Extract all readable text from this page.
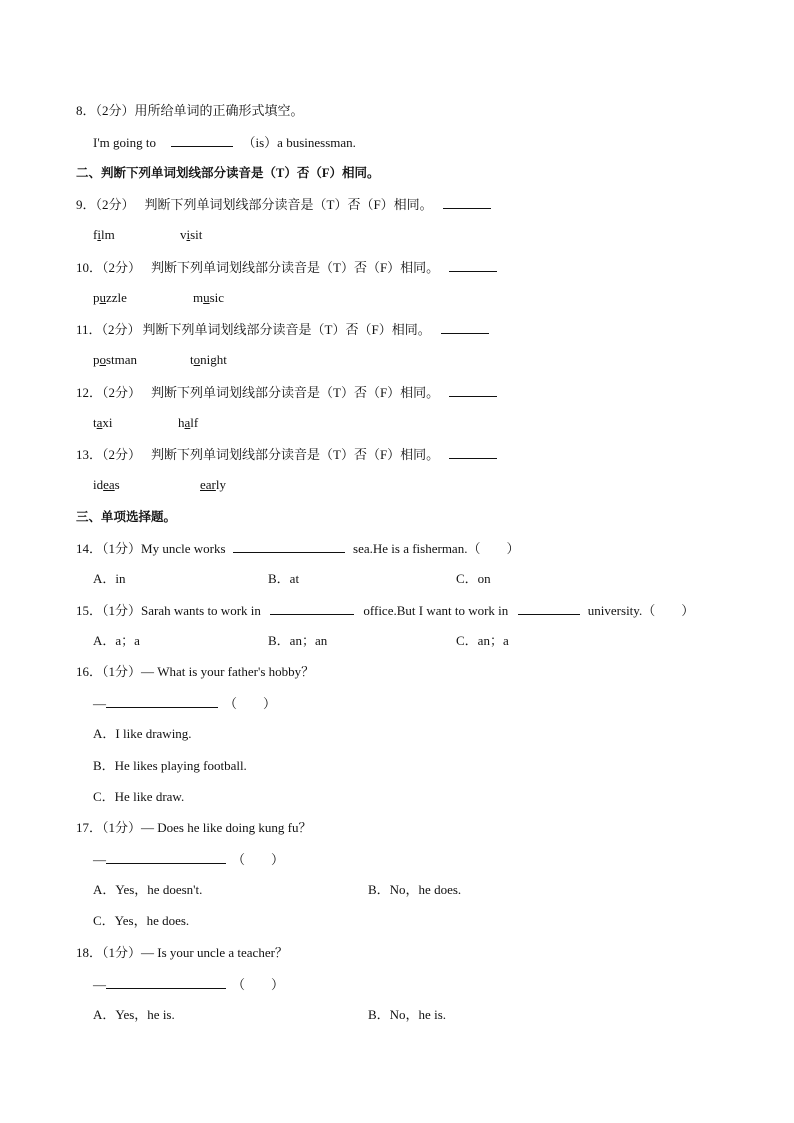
8．（2分）用所给单词的正确形式填空。
I'm going to	（is）a businessman.
二、判断下列单词划线部分读音是（T）否（F）相同。
9．（2分） 判断下列单词划线部分读音是（T）否（F）相同。
film	visit
10．（2分） 判断下列单词划线部分读音是（T）否（F）相同。
puzzle	music
11．（2分） 判断下列单词划线部分读音是（T）否（F）相同。
postman	tonight
12．（2分） 判断下列单词划线部分读音是（T）否（F）相同。
taxi	half
13．（2分） 判断下列单词划线部分读音是（T）否（F）相同。
ideas	early
三、单项选择题。
14．（1分）My uncle works	sea.He is a fisherman.（　　）
A．in	B．at	C．on
15．（1分）Sarah wants to work in	office.But I want to work in	university.（　　）
A．a；a	B．an；an	C．an；a
16．（1分）— What is your father's hobby？
—	（　　）
A．I like drawing.
B．He likes playing football.
C．He like draw.
17．（1分）— Does he like doing kung fu？
—	（　　）
A．Yes，he doesn't.	B．No，he does.
C．Yes，he does.
18．（1分）— Is your uncle a teacher？
—	（　　）
A．Yes，he is.	B．No，he is.
